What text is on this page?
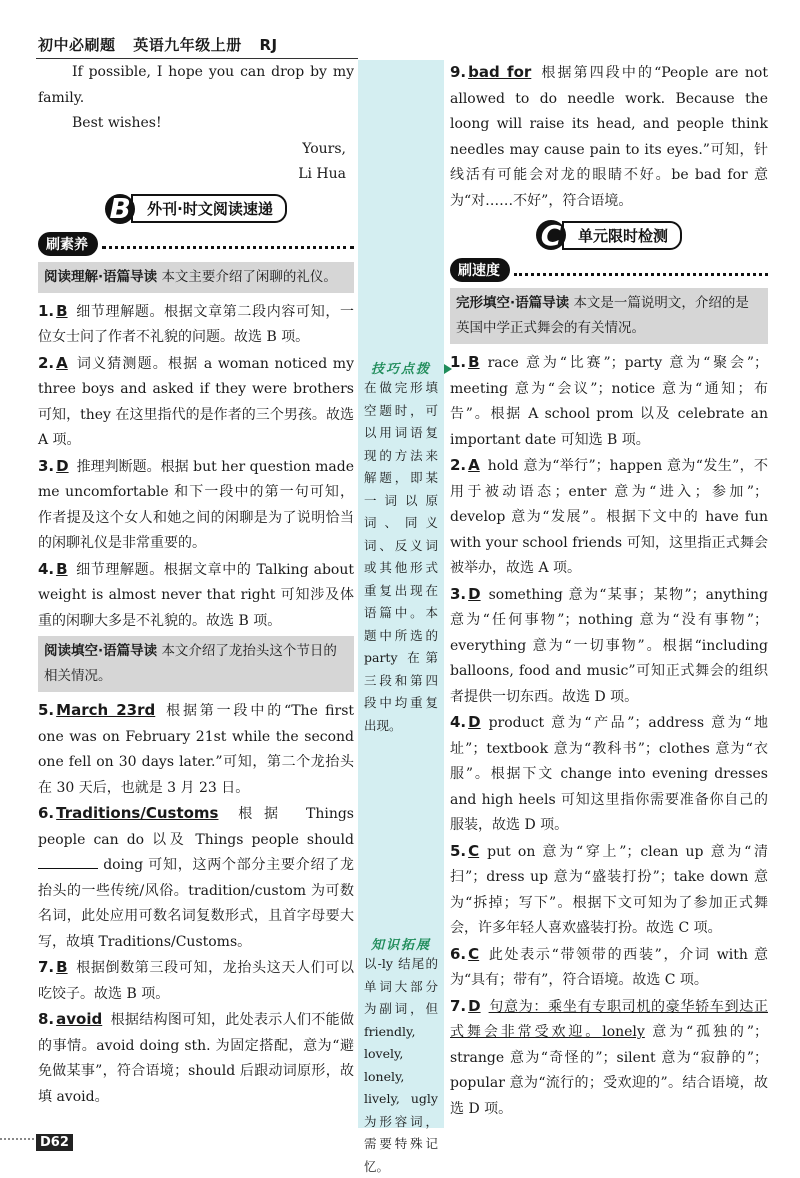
初中必刷题 英语九年级上册 RJ
技巧点拨
在做完形填空题时，可以用词语复现的方法来解题，即某一词以原词、同义词、反义词或其他形式重复出现在语篇中。本题中所选的 party 在第三段和第四段中均重复出现。
知识拓展
以-ly 结尾的单词大部分为副词，但 friendly, lovely, lonely, lively, ugly 为形容词，需要特殊记忆。

If possible, I hope you can drop by my family.

Best wishes!

Yours,

Li Hua

B	外刊·时文阅读速递
刷素养
阅读理解·语篇导读 本文主要介绍了闲聊的礼仪。

1. B 细节理解题。根据文章第二段内容可知，一位女士问了作者不礼貌的问题。故选 B 项。

2. A 词义猜测题。根据 a woman noticed my three boys and asked if they were brothers 可知，they 在这里指代的是作者的三个男孩。故选 A 项。

3. D 推理判断题。根据 but her question made me uncomfortable 和下一段中的第一句可知，作者提及这个女人和她之间的闲聊是为了说明恰当的闲聊礼仪是非常重要的。

4. B 细节理解题。根据文章中的 Talking about weight is almost never that right 可知涉及体重的闲聊大多是不礼貌的。故选 B 项。

阅读填空·语篇导读 本文介绍了龙抬头这个节日的相关情况。

5. March 23rd 根据第一段中的“The first one was on February 21st while the second one fell on 30 days later.”可知，第二个龙抬头在 30 天后，也就是 3 月 23 日。

6. Traditions/Customs 根据 Things people can do 以及 Things people should  doing 可知，这两个部分主要介绍了龙抬头的一些传统/风俗。tradition/custom 为可数名词，此处应用可数名词复数形式，且首字母要大写，故填 Traditions/Customs。

7. B 根据倒数第三段可知，龙抬头这天人们可以吃饺子。故选 B 项。

8. avoid 根据结构图可知，此处表示人们不能做的事情。avoid doing sth. 为固定搭配，意为“避免做某事”，符合语境；should 后跟动词原形，故填 avoid。

9. bad for 根据第四段中的“People are not allowed to do needle work. Because the loong will raise its head, and people think needles may cause pain to its eyes.”可知，针线活有可能会对龙的眼睛不好。be bad for 意为“对……不好”，符合语境。

C	单元限时检测
刷速度
完形填空·语篇导读 本文是一篇说明文，介绍的是英国中学正式舞会的有关情况。

1. B race 意为“比赛”；party 意为“聚会”；meeting 意为“会议”；notice 意为“通知；布告”。根据 A school prom 以及 celebrate an important date 可知选 B 项。

2. A hold 意为“举行”；happen 意为“发生”，不用于被动语态；enter 意为“进入；参加”；develop 意为“发展”。根据下文中的 have fun with your school friends 可知，这里指正式舞会被举办，故选 A 项。

3. D something 意为“某事；某物”；anything 意为“任何事物”；nothing 意为“没有事物”；everything 意为“一切事物”。根据“including balloons, food and music”可知正式舞会的组织者提供一切东西。故选 D 项。

4. D product 意为“产品”；address 意为“地址”；textbook 意为“教科书”；clothes 意为“衣服”。根据下文 change into evening dresses and high heels 可知这里指你需要准备你自己的服装，故选 D 项。

5. C put on 意为“穿上”；clean up 意为“清扫”；dress up 意为“盛装打扮”；take down 意为“拆掉；写下”。根据下文可知为了参加正式舞会，许多年轻人喜欢盛装打扮。故选 C 项。

6. C 此处表示“带领带的西装”，介词 with 意为“具有；带有”，符合语境。故选 C 项。

7. D 句意为：乘坐有专职司机的豪华轿车到达正式舞会非常受欢迎。lonely 意为“孤独的”；strange 意为“奇怪的”；silent 意为“寂静的”；popular 意为“流行的；受欢迎的”。结合语境，故选 D 项。

D62
